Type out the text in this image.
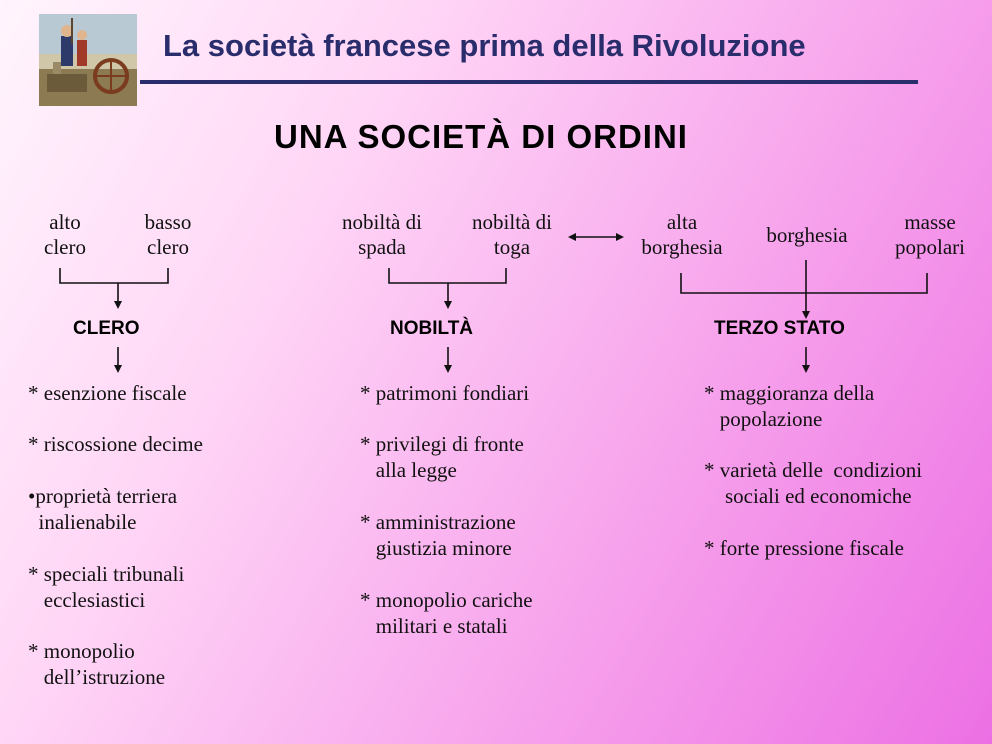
La società francese prima della Rivoluzione
UNA SOCIETÀ DI ORDINI
alto
clero
basso
clero
nobiltà di
spada
nobiltà di
toga
alta
borghesia	borghesia
masse
popolari
CLERO	NOBILTÀ	TERZO STATO
* esenzione fiscale
* riscossione decime
•proprietà terriera
inalienabile
* speciali tribunali
ecclesiastici
* monopolio
dell’istruzione
* patrimoni fondiari
* privilegi di fronte
alla legge
* amministrazione
giustizia minore
* monopolio cariche
militari e statali
* maggioranza della
popolazione
* varietà delle  condizioni
sociali ed economiche
* forte pressione fiscale
